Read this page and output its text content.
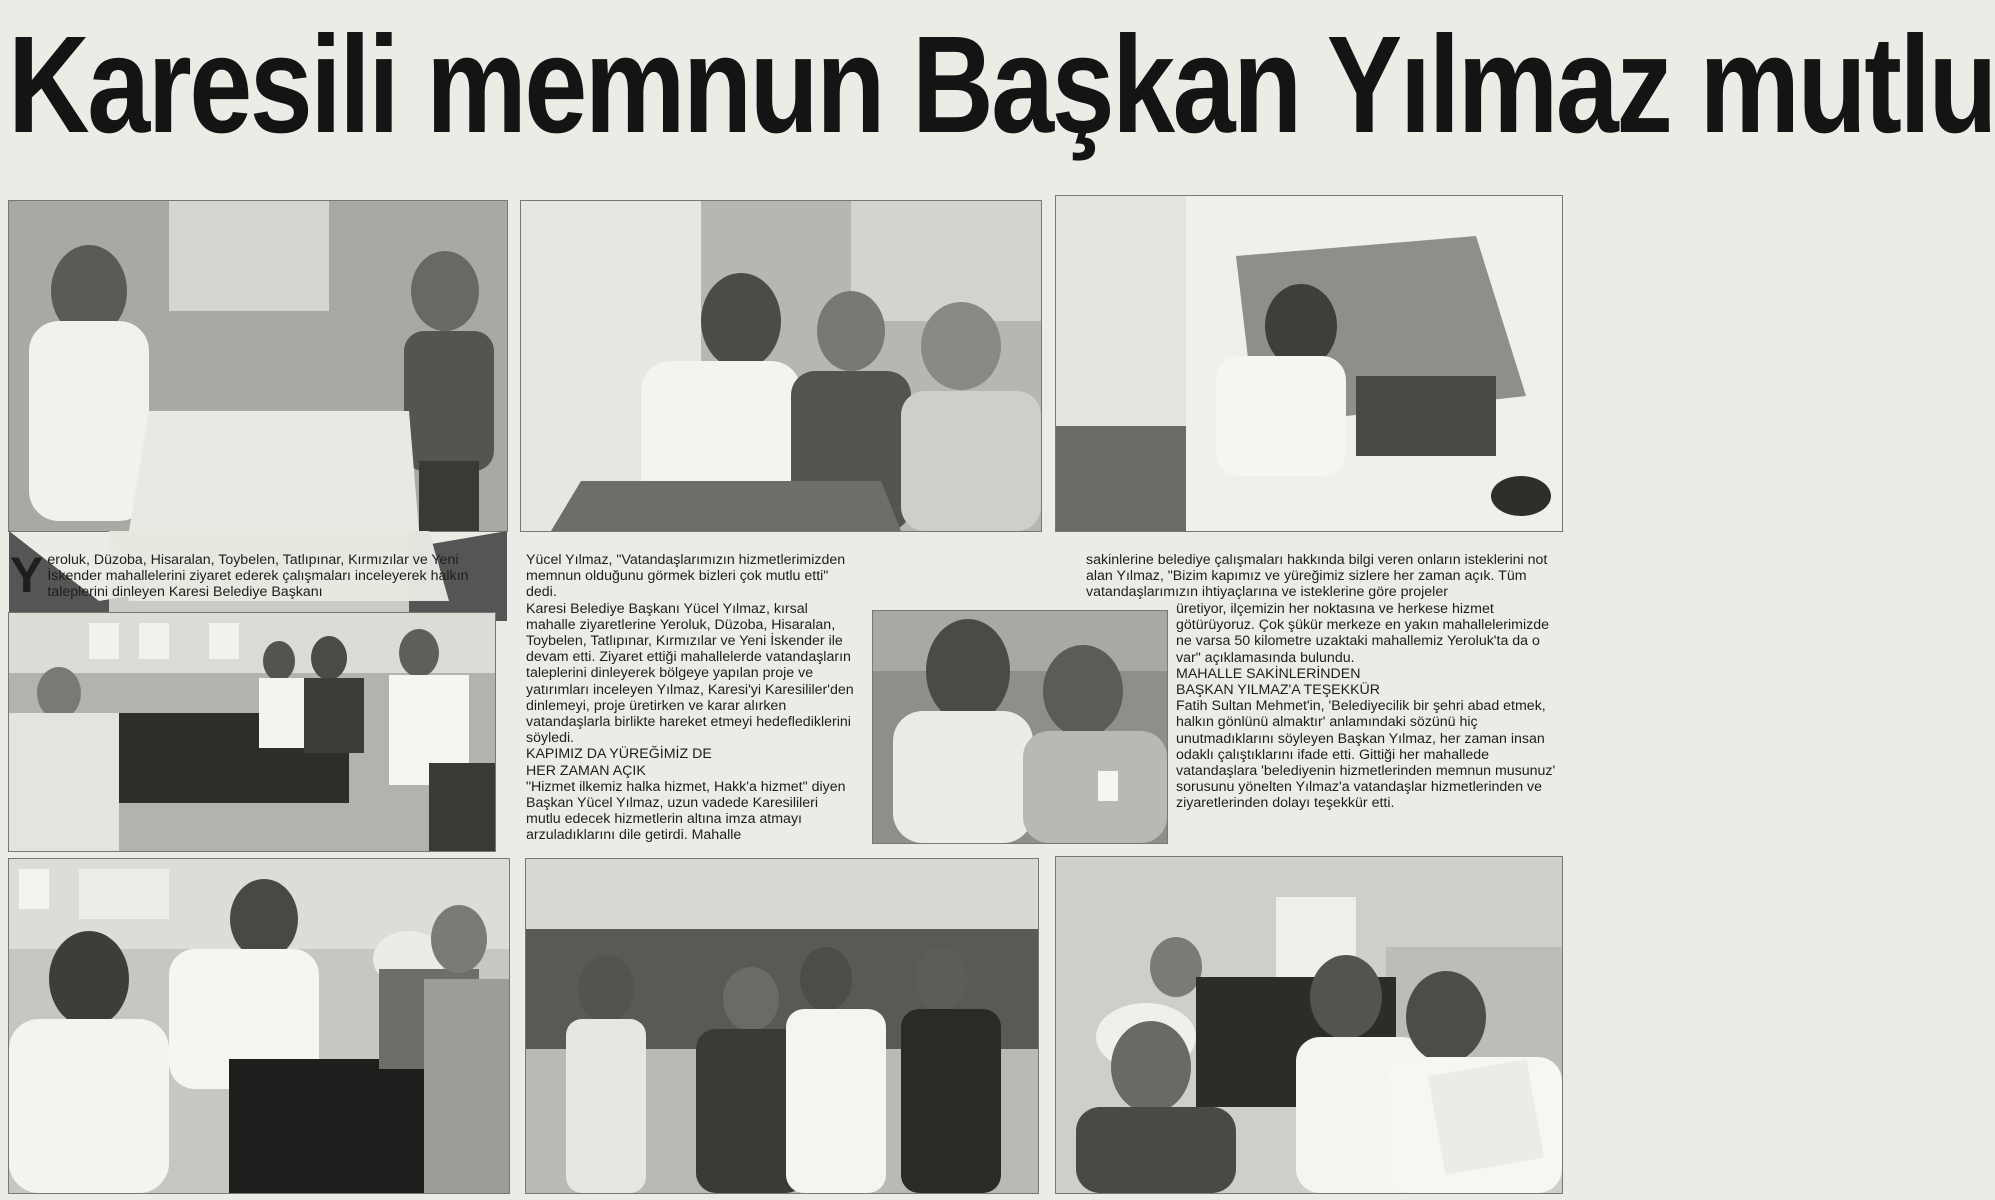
Karesili memnun Başkan Yılmaz mutlu

Yeroluk, Düzoba, Hisaralan, Toybelen, Tatlıpınar, Kırmızılar ve Yeni İskender mahallelerini ziyaret ederek çalışmaları inceleyerek halkın taleplerini dinleyen Karesi Belediye Başkanı

Yücel Yılmaz, "Vatandaşlarımızın hizmetlerimizden memnun olduğunu görmek bizleri çok mutlu etti" dedi.

Karesi Belediye Başkanı Yücel Yılmaz, kırsal mahalle ziyaretlerine Yeroluk, Düzoba, Hisaralan, Toybelen, Tatlıpınar, Kırmızılar ve Yeni İskender ile devam etti. Ziyaret ettiği mahallelerde vatandaşların taleplerini dinleyerek bölgeye yapılan proje ve yatırımları inceleyen Yılmaz, Karesi'yi Karesililer'den dinlemeyi, proje üretirken ve karar alırken vatandaşlarla birlikte hareket etmeyi hedeflediklerini söyledi.

KAPIMIZ DA YÜREĞİMİZ DE

HER ZAMAN AÇIK

"Hizmet ilkemiz halka hizmet, Hakk'a hizmet" diyen Başkan Yücel Yılmaz, uzun vadede Karesilileri mutlu edecek hizmetlerin altına imza atmayı arzuladıklarını dile getirdi. Mahalle

sakinlerine belediye çalışmaları hakkında bilgi veren onların isteklerini not alan Yılmaz, "Bizim kapımız ve yüreğimiz sizlere her zaman açık. Tüm vatandaşlarımızın ihtiyaçlarına ve isteklerine göre projeler

üretiyor, ilçemizin her noktasına ve herkese hizmet götürüyoruz. Çok şükür merkeze en yakın mahallelerimizde ne varsa 50 kilometre uzaktaki mahallemiz Yeroluk'ta da o var" açıklamasında bulundu.

MAHALLE SAKİNLERİNDEN

BAŞKAN YILMAZ'A TEŞEKKÜR

Fatih Sultan Mehmet'in, 'Belediyecilik bir şehri abad etmek, halkın gönlünü almaktır' anlamındaki sözünü hiç unutmadıklarını söyleyen Başkan Yılmaz, her zaman insan odaklı çalıştıklarını ifade etti. Gittiği her mahallede vatandaşlara 'belediyenin hizmetlerinden memnun musunuz' sorusunu yönelten Yılmaz'a vatandaşlar hizmetlerinden ve ziyaretlerinden dolayı teşekkür etti.
